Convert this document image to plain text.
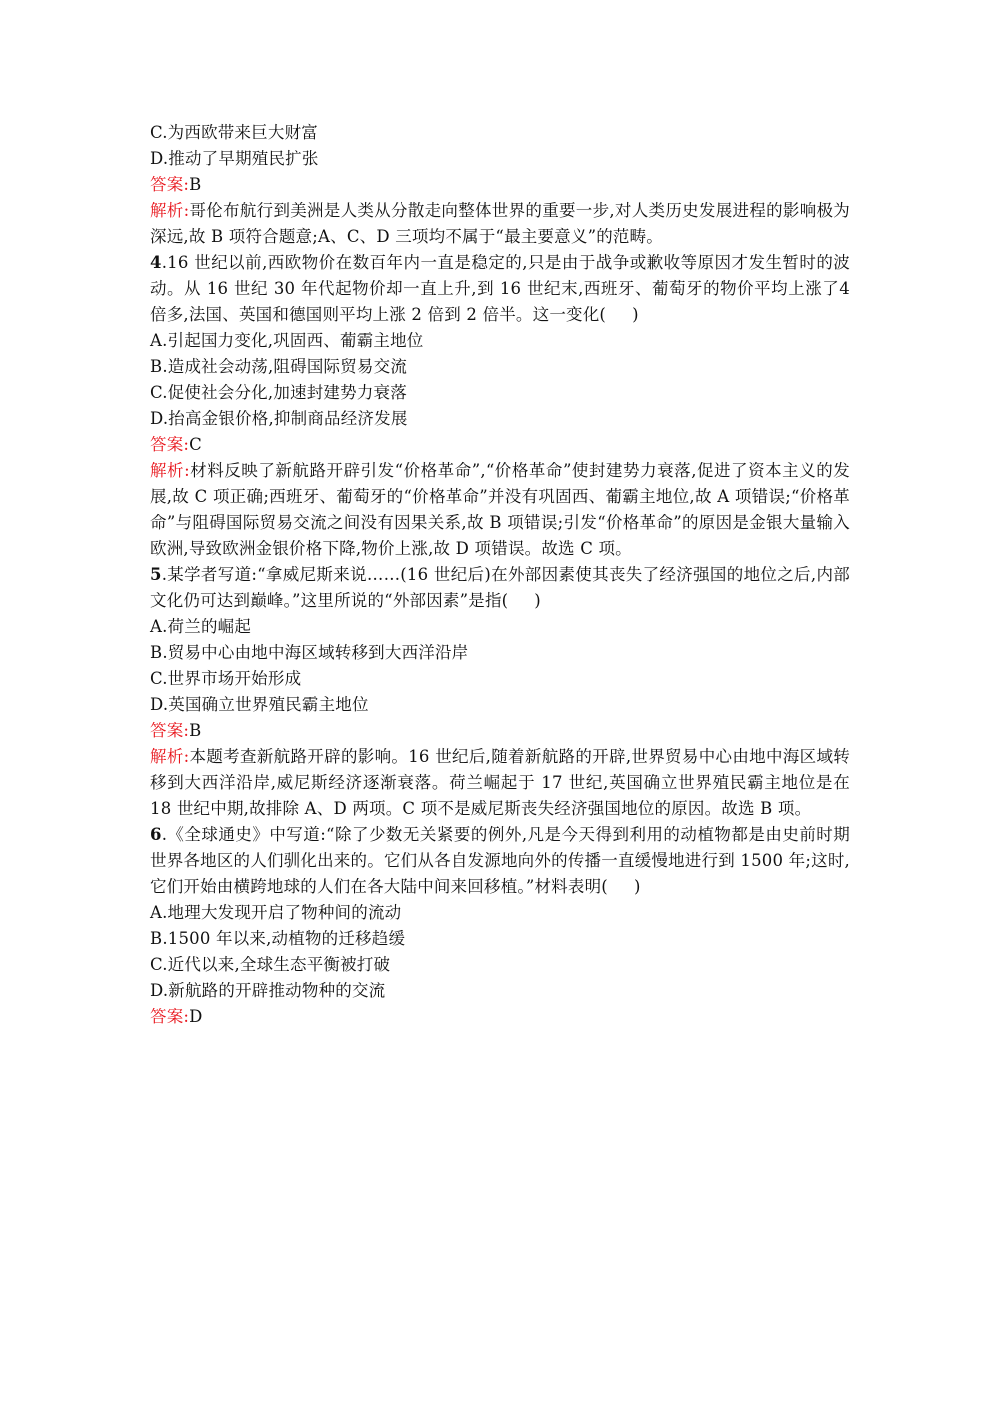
C.为西欧带来巨大财富
D.推动了早期殖民扩张
答案:B
解析:哥伦布航行到美洲是人类从分散走向整体世界的重要一步,对人类历史发展进程的影响极为深远,故 B 项符合题意;A、C、D 三项均不属于“最主要意义”的范畴。
4.16 世纪以前,西欧物价在数百年内一直是稳定的,只是由于战争或歉收等原因才发生暂时的波动。从 16 世纪 30 年代起物价却一直上升,到 16 世纪末,西班牙、葡萄牙的物价平均上涨了4 倍多,法国、英国和德国则平均上涨 2 倍到 2 倍半。这一变化( )
A.引起国力变化,巩固西、葡霸主地位
B.造成社会动荡,阻碍国际贸易交流
C.促使社会分化,加速封建势力衰落
D.抬高金银价格,抑制商品经济发展
答案:C
解析:材料反映了新航路开辟引发“价格革命”,“价格革命”使封建势力衰落,促进了资本主义的发展,故 C 项正确;西班牙、葡萄牙的“价格革命”并没有巩固西、葡霸主地位,故 A 项错误;“价格革命”与阻碍国际贸易交流之间没有因果关系,故 B 项错误;引发“价格革命”的原因是金银大量输入欧洲,导致欧洲金银价格下降,物价上涨,故 D 项错误。故选 C 项。
5.某学者写道:“拿威尼斯来说……(16 世纪后)在外部因素使其丧失了经济强国的地位之后,内部文化仍可达到巅峰。”这里所说的“外部因素”是指( )
A.荷兰的崛起
B.贸易中心由地中海区域转移到大西洋沿岸
C.世界市场开始形成
D.英国确立世界殖民霸主地位
答案:B
解析:本题考查新航路开辟的影响。16 世纪后,随着新航路的开辟,世界贸易中心由地中海区域转移到大西洋沿岸,威尼斯经济逐渐衰落。荷兰崛起于 17 世纪,英国确立世界殖民霸主地位是在 18 世纪中期,故排除 A、D 两项。C 项不是威尼斯丧失经济强国地位的原因。故选 B 项。
6.《全球通史》中写道:“除了少数无关紧要的例外,凡是今天得到利用的动植物都是由史前时期世界各地区的人们驯化出来的。它们从各自发源地向外的传播一直缓慢地进行到 1500 年;这时,它们开始由横跨地球的人们在各大陆中间来回移植。”材料表明( )
A.地理大发现开启了物种间的流动
B.1500 年以来,动植物的迁移趋缓
C.近代以来,全球生态平衡被打破
D.新航路的开辟推动物种的交流
答案:D
